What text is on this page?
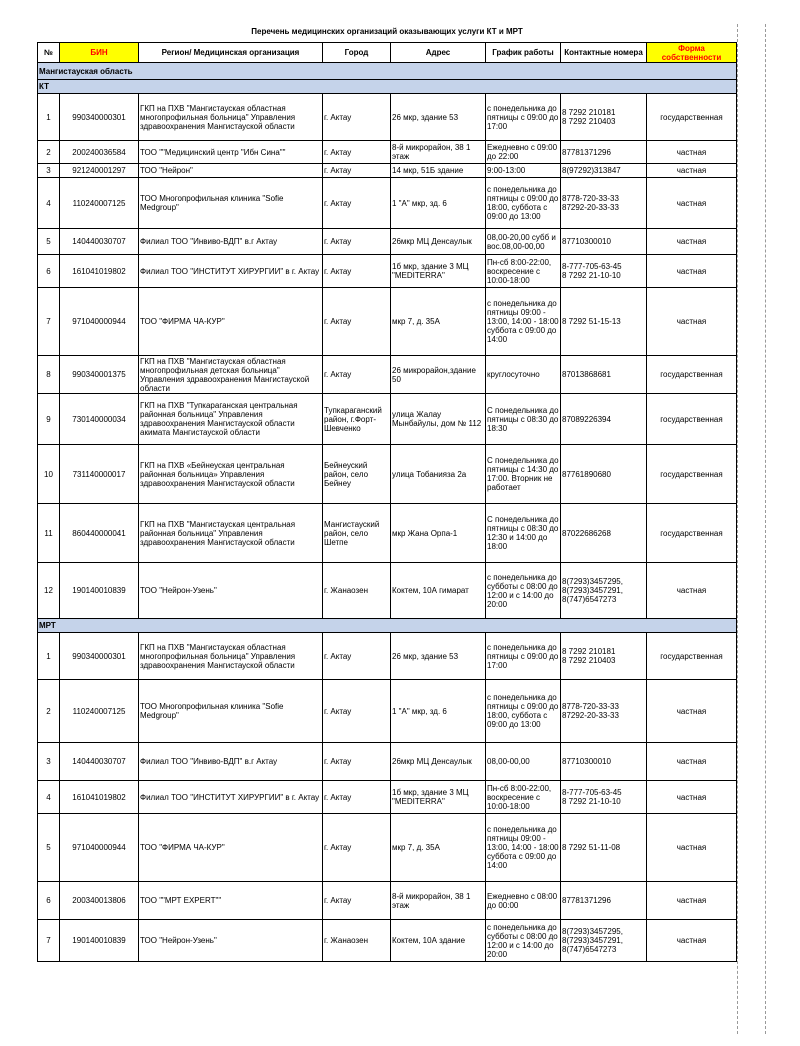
Перечень медицинских организаций оказывающих услуги КТ и МРТ
№	БИН	Регион/ Медицинская организация	Город	Адрес	График работы	Контактные номера	Форма собственности
Мангистауская область							
КТ							
1	990340000301	ГКП на ПХВ "Мангистауская областная многопрофильная больница" Управления здравоохранения Мангистауской области	г. Актау	26 мкр, здание 53	с понедельника до пятницы с 09:00 до 17:00	8 7292 210181
8 7292 210403	государственная
2	200240036584	ТОО ""Медицинский центр "Ибн Сина""	г. Актау	8-й микрорайон, 38 1 этаж	Ежедневно с 09:00 до 22:00	87781371296	частная
3	921240001297	ТОО "Нейрон"	г. Актау	14 мкр, 51Б здание	9:00-13:00	8(97292)313847	частная
4	110240007125	ТОО Многопрофильная клиника "Sofie Medgroup"	г. Актау	1 "А" мкр, зд. 6	с понедельника до пятницы с 09:00 до 18:00, суббота с 09:00 до 13:00	8778-720-33-33
87292-20-33-33	частная
5	140440030707	Филиал ТОО "Инвиво-ВДП" в.г Актау	г. Актау	26мкр МЦ Денсаулык	08,00-20,00 субб и вос.08,00-00,00	87710300010	частная
6	161041019802	Филиал ТОО "ИНСТИТУТ ХИРУРГИИ" в г. Актау	г. Актау	1б мкр, здание 3 МЦ "MEDITERRA"	Пн-сб 8:00-22:00, воскресение с 10:00-18:00	8-777-705-63-45
8 7292 21-10-10	частная
7	971040000944	ТОО "ФИРМА ЧА-КУР"	г. Актау	мкр 7, д. 35А	с понедельника до пятницы 09:00 - 13:00, 14:00 - 18:00 суббота с 09:00 до 14:00	8 7292 51-15-13	частная
8	990340001375	ГКП на ПХВ "Мангистауская областная многопрофильная детская больница" Управления здравоохранения Мангистауской области	г. Актау	26 микрорайон,здание 50	круглосуточно	87013868681	государственная
9	730140000034	ГКП на ПХВ "Тупкараганская центральная районная больница" Управления здравоохранения Мангистауской области акимата Мангистауской области	Тупкараганский район, г.Форт-Шевченко	улица Жалау Мынбайулы, дом № 112	С понедельника до пятницы с 08:30 до 18:30	87089226394	государственная
10	731140000017	ГКП на ПХВ «Бейнеуская центральная районная больница» Управления здравоохранения Мангистауской области	Бейнеуский район, село Бейнеу	улица Тобанияза 2а	С понедельника до пятницы с 14:30 до 17:00. Вторник не работает	87761890680	государственная
11	860440000041	ГКП на ПХВ "Мангистауская центральная районная больница" Управления здравоохранения Мангистауской области	Мангистауский район, село Шетпе	мкр Жана Орпа-1	С понедельника до пятницы с 08:30 до 12:30 и 14:00 до 18:00	87022686268	государственная
12	190140010839	ТОО "Нейрон-Узень"	г. Жанаозен	Коктем, 10А гимарат	с понедельника до субботы с 08:00 до 12:00 и с 14:00 до 20:00	8(7293)3457295,
8(7293)3457291,
8(747)6547273	частная
МРТ							
1	990340000301	ГКП на ПХВ "Мангистауская областная многопрофильная больница" Управления здравоохранения Мангистауской области	г. Актау	26 мкр, здание 53	с понедельника до пятницы с 09:00 до 17:00	8 7292 210181
8 7292 210403	государственная
2	110240007125	ТОО Многопрофильная клиника "Sofie Medgroup"	г. Актау	1 "А" мкр, зд. 6	с понедельника до пятницы с 09:00 до 18:00, суббота с 09:00 до 13:00	8778-720-33-33
87292-20-33-33	частная
3	140440030707	Филиал ТОО "Инвиво-ВДП" в.г Актау	г. Актау	26мкр МЦ Денсаулык	08,00-00,00	87710300010	частная
4	161041019802	Филиал ТОО "ИНСТИТУТ ХИРУРГИИ" в г. Актау	г. Актау	1б мкр, здание 3 МЦ "MEDITERRA"	Пн-сб 8:00-22:00, воскресение с 10:00-18:00	8-777-705-63-45
8 7292 21-10-10	частная
5	971040000944	ТОО "ФИРМА ЧА-КУР"	г. Актау	мкр 7, д. 35А	с понедельника до пятницы 09:00 - 13:00, 14:00 - 18:00 суббота с 09:00 до 14:00	8 7292 51-11-08	частная
6	200340013806	ТОО ""МРТ EXPERT""	г. Актау	8-й микрорайон, 38 1 этаж	Ежедневно с 08:00 до 00:00	87781371296	частная
7	190140010839	ТОО "Нейрон-Узень"	г. Жанаозен	Коктем, 10А здание	с понедельника до субботы с 08:00 до 12:00 и с 14:00 до 20:00	8(7293)3457295,
8(7293)3457291,
8(747)6547273	частная
